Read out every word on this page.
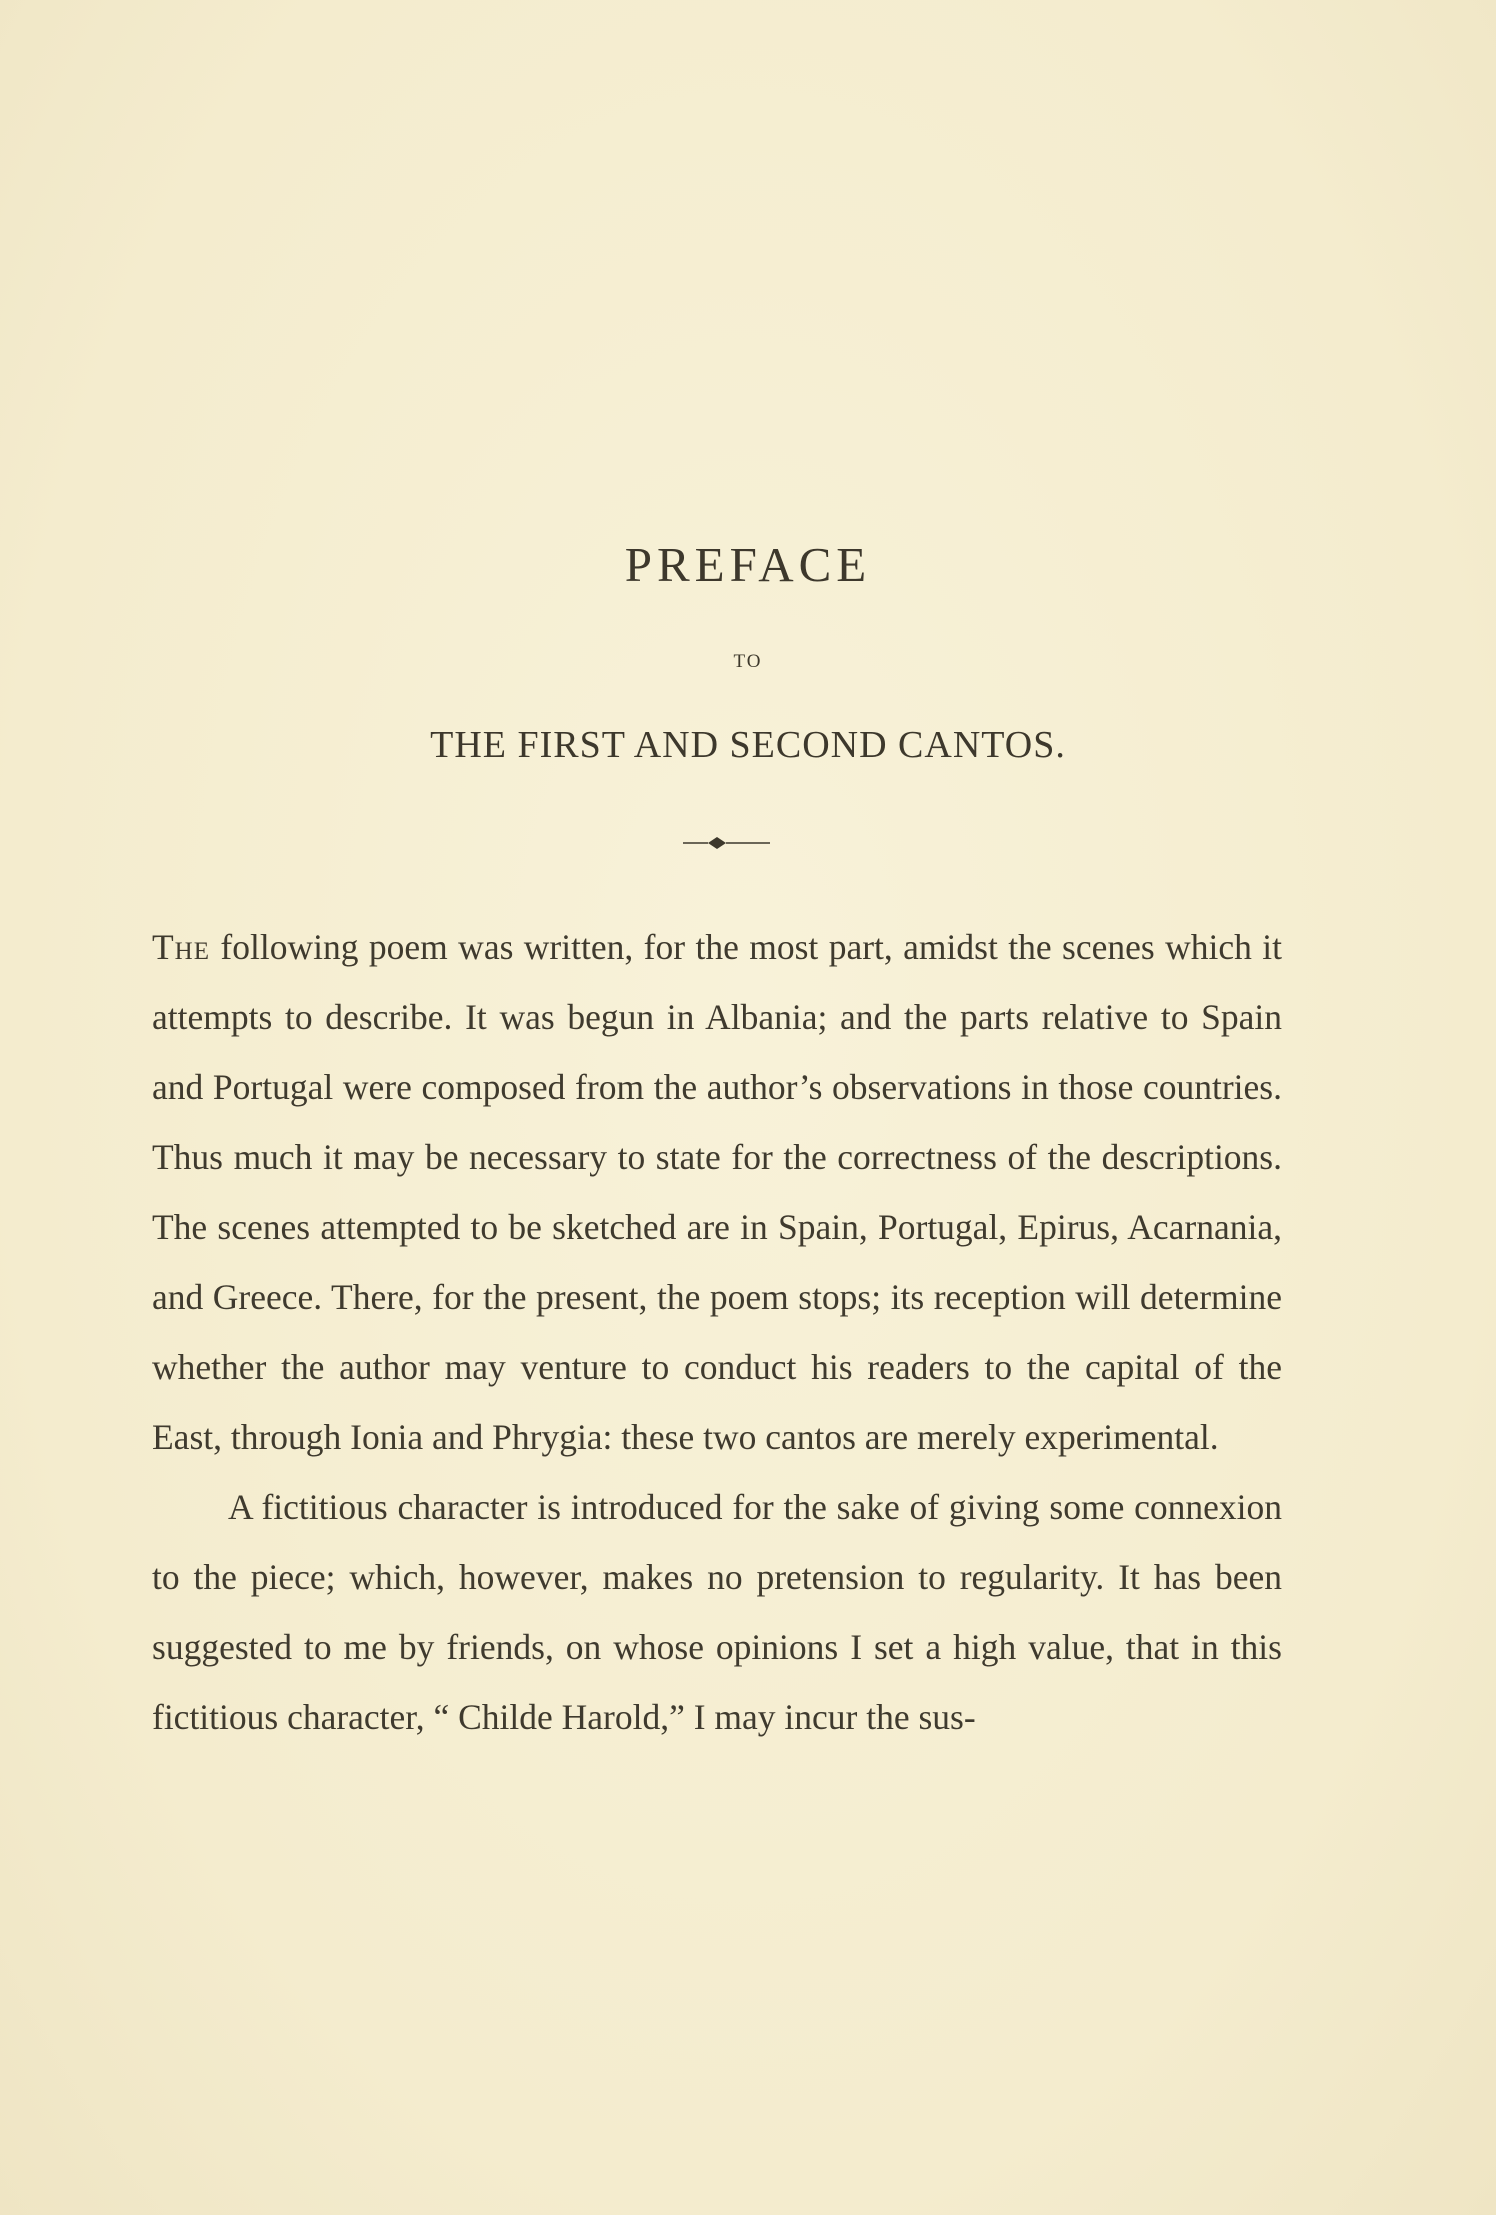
PREFACE
TO
THE FIRST AND SECOND CANTOS.

The following poem was written, for the most part, amidst the scenes which it attempts to describe. It was begun in Albania; and the parts relative to Spain and Portugal were composed from the author’s observations in those countries. Thus much it may be necessary to state for the correctness of the descriptions. The scenes attempted to be sketched are in Spain, Portugal, Epirus, Acarnania, and Greece. There, for the present, the poem stops; its reception will determine whether the author may venture to conduct his readers to the capital of the East, through Ionia and Phrygia: these two cantos are merely experimental.

A fictitious character is introduced for the sake of giving some connexion to the piece; which, however, makes no pretension to regularity. It has been suggested to me by friends, on whose opinions I set a high value, that in this fictitious character, “ Childe Harold,” I may incur the sus-
